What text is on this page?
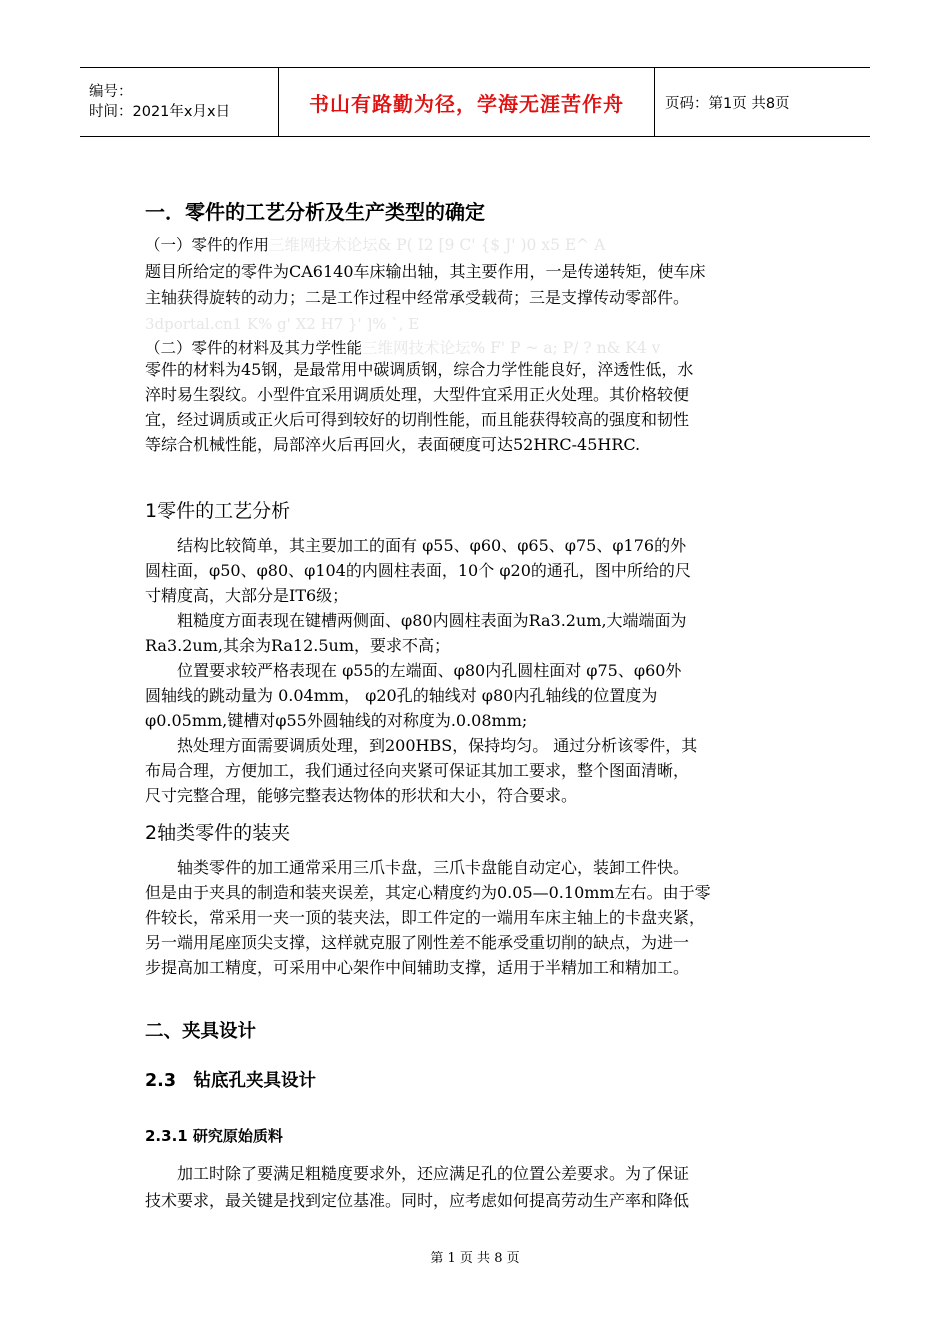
编号：
时间：2021年x月x日	书山有路勤为径，学海无涯苦作舟	页码：第1页 共8页
一．零件的工艺分析及生产类型的确定
（一）零件的作用三维网技术论坛& P( I2 [9 C' {$ J' )0 x5 E^ A
题目所给定的零件为CA6140车床输出轴，其主要作用，一是传递转矩，使车床
主轴获得旋转的动力；二是工作过程中经常承受载荷；三是支撑传动零部件。
3dportal.cn1 K% g' X2 H7 }' ]% `, E
（二）零件的材料及其力学性能三维网技术论坛% F' P ~ a; P/ ? n& K4 v
零件的材料为45钢，是最常用中碳调质钢，综合力学性能良好，淬透性低，水
淬时易生裂纹。小型件宜采用调质处理，大型件宜采用正火处理。其价格较便
宜，经过调质或正火后可得到较好的切削性能，而且能获得较高的强度和韧性
等综合机械性能，局部淬火后再回火，表面硬度可达52HRC-45HRC.
1零件的工艺分析
　　结构比较简单，其主要加工的面有 φ55、φ60、φ65、φ75、φ176的外
圆柱面，φ50、φ80、φ104的内圆柱表面，10个 φ20的通孔，图中所给的尺
寸精度高，大部分是IT6级；
　　粗糙度方面表现在键槽两侧面、φ80内圆柱表面为Ra3.2um,大端端面为
Ra3.2um,其余为Ra12.5um，要求不高；
　　位置要求较严格表现在 φ55的左端面、φ80内孔圆柱面对 φ75、φ60外
圆轴线的跳动量为 0.04mm， φ20孔的轴线对 φ80内孔轴线的位置度为
φ0.05mm,键槽对φ55外圆轴线的对称度为.0.08mm;
　　热处理方面需要调质处理，到200HBS，保持均匀。 通过分析该零件，其
布局合理，方便加工，我们通过径向夹紧可保证其加工要求，整个图面清晰，
尺寸完整合理，能够完整表达物体的形状和大小，符合要求。
2轴类零件的装夹
　　轴类零件的加工通常采用三爪卡盘，三爪卡盘能自动定心，装卸工件快。
但是由于夹具的制造和装夹误差，其定心精度约为0.05—0.10mm左右。由于零
件较长，常采用一夹一顶的装夹法，即工件定的一端用车床主轴上的卡盘夹紧，
另一端用尾座顶尖支撑，这样就克服了刚性差不能承受重切削的缺点，为进一
步提高加工精度，可采用中心架作中间辅助支撑，适用于半精加工和精加工。
二、夹具设计
2.3　钻底孔夹具设计
2.3.1 研究原始质料
　　加工时除了要满足粗糙度要求外，还应满足孔的位置公差要求。为了保证
技术要求，最关键是找到定位基准。同时，应考虑如何提高劳动生产率和降低
第 1 页 共 8 页
